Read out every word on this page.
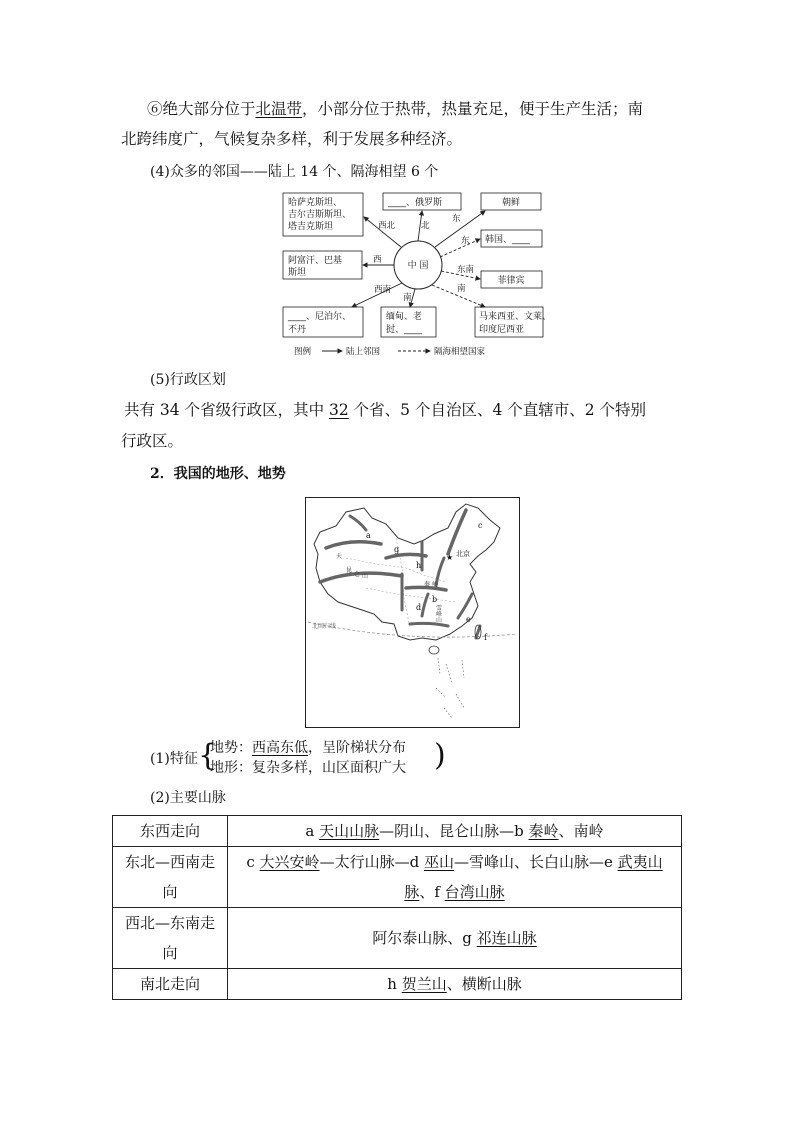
⑥绝大部分位于北温带，小部分位于热带，热量充足，便于生产生活；南
北跨纬度广，气候复杂多样，利于发展多种经济。
(4)众多的邻国——陆上 14 个、隔海相望 6 个
中 国
哈萨克斯坦、
吉尔吉斯斯坦、
塔吉克斯坦
____、俄罗斯	朝鲜
韩国、____
阿富汗、巴基
斯坦
菲律宾
____、尼泊尔、
不丹
缅甸、老
挝、____
马来西亚、文莱、
印度尼西亚
西北	北
东
东
西
东南
西南
南
南
图例	陆上邻国	隔海相望国家
(5)行政区划
共有 34 个省级行政区，其中 32 个省、5 个自治区、4 个直辖市、2 个特别
行政区。
2．我国的地形、地势
北回归线
★ 北京
a
b
c
d
e
f
g
h
天
昆
仑 山
秦 岭
雪
峰
山
(1)特征 {
地势：西高东低，呈阶梯状分布
地形：复杂多样，山区面积广大 )
(2)主要山脉
东西走向	a 天山山脉—阴山、昆仑山脉—b 秦岭、南岭
东北—西南走向	c 大兴安岭—太行山脉—d 巫山—雪峰山、长白山脉—e 武夷山脉、f 台湾山脉
西北—东南走向	阿尔泰山脉、g 祁连山脉
南北走向	h 贺兰山、横断山脉
